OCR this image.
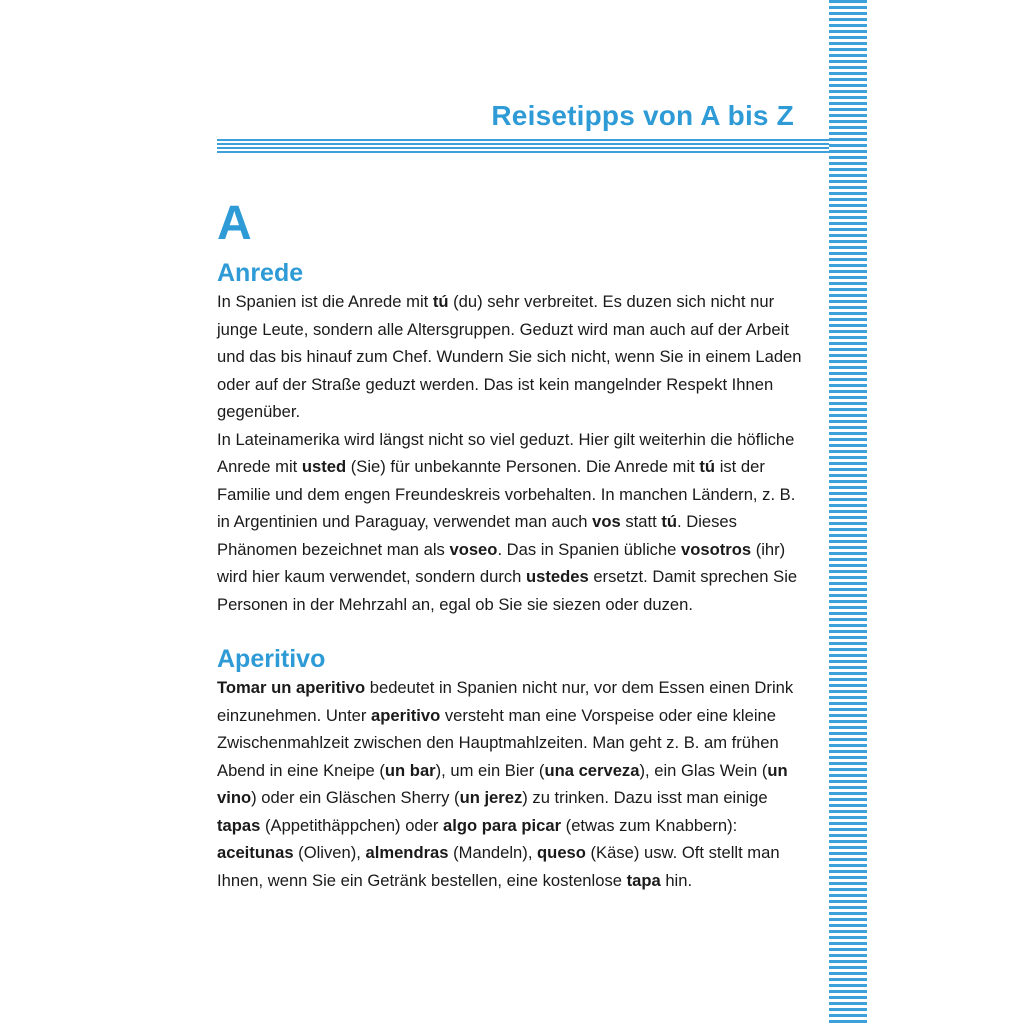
Reisetipps von A bis Z
A
Anrede

In Spanien ist die Anrede mit tú (du) sehr verbreitet. Es duzen sich nicht nur junge Leute, sondern alle Altersgruppen. Geduzt wird man auch auf der Arbeit und das bis hinauf zum Chef. Wundern Sie sich nicht, wenn Sie in einem Laden oder auf der Straße geduzt werden. Das ist kein mangelnder Respekt Ihnen gegenüber.

In Lateinamerika wird längst nicht so viel geduzt. Hier gilt weiterhin die höfliche Anrede mit usted (Sie) für unbekannte Personen. Die Anrede mit tú ist der Familie und dem engen Freundeskreis vorbehalten. In manchen Ländern, z. B. in Argentinien und Paraguay, verwendet man auch vos statt tú. Dieses Phänomen bezeichnet man als voseo. Das in Spanien übliche vosotros (ihr) wird hier kaum verwendet, sondern durch ustedes ersetzt. Damit sprechen Sie Personen in der Mehrzahl an, egal ob Sie sie siezen oder duzen.

Aperitivo

Tomar un aperitivo bedeutet in Spanien nicht nur, vor dem Essen einen Drink einzunehmen. Unter aperitivo versteht man eine Vorspeise oder eine kleine Zwischenmahlzeit zwischen den Hauptmahlzeiten. Man geht z. B. am frühen Abend in eine Kneipe (un bar), um ein Bier (una cerveza), ein Glas Wein (un vino) oder ein Gläschen Sherry (un jerez) zu trinken. Dazu isst man einige tapas (Appetithäppchen) oder algo para picar (etwas zum Knabbern): aceitunas (Oliven), almendras (Mandeln), queso (Käse) usw. Oft stellt man Ihnen, wenn Sie ein Getränk bestellen, eine kostenlose tapa hin.
